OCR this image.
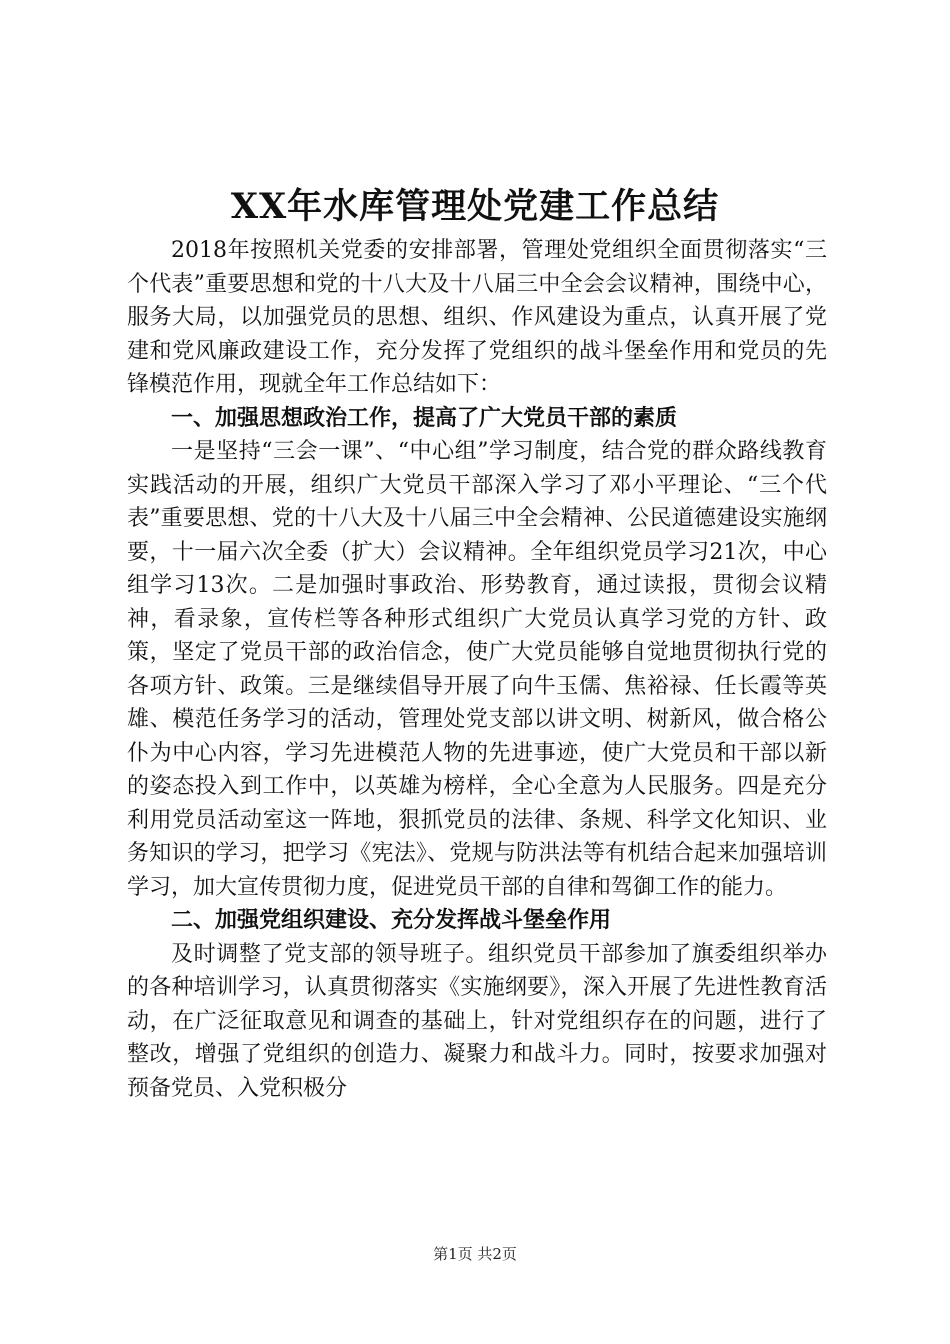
XX年水库管理处党建工作总结

2018年按照机关党委的安排部署，管理处党组织全面贯彻落实“三个代表”重要思想和党的十八大及十八届三中全会会议精神，围绕中心，服务大局，以加强党员的思想、组织、作风建设为重点，认真开展了党建和党风廉政建设工作，充分发挥了党组织的战斗堡垒作用和党员的先锋模范作用，现就全年工作总结如下：

一、加强思想政治工作，提高了广大党员干部的素质

一是坚持“三会一课”、“中心组”学习制度，结合党的群众路线教育实践活动的开展，组织广大党员干部深入学习了邓小平理论、“三个代表”重要思想、党的十八大及十八届三中全会精神、公民道德建设实施纲要，十一届六次全委（扩大）会议精神。全年组织党员学习21次，中心组学习13次。二是加强时事政治、形势教育，通过读报，贯彻会议精神，看录象，宣传栏等各种形式组织广大党员认真学习党的方针、政策，坚定了党员干部的政治信念，使广大党员能够自觉地贯彻执行党的各项方针、政策。三是继续倡导开展了向牛玉儒、焦裕禄、任长霞等英雄、模范任务学习的活动，管理处党支部以讲文明、树新风，做合格公仆为中心内容，学习先进模范人物的先进事迹，使广大党员和干部以新的姿态投入到工作中，以英雄为榜样，全心全意为人民服务。四是充分利用党员活动室这一阵地，狠抓党员的法律、条规、科学文化知识、业务知识的学习，把学习《宪法》、党规与防洪法等有机结合起来加强培训学习，加大宣传贯彻力度，促进党员干部的自律和驾御工作的能力。

二、加强党组织建设、充分发挥战斗堡垒作用

及时调整了党支部的领导班子。组织党员干部参加了旗委组织举办的各种培训学习，认真贯彻落实《实施纲要》，深入开展了先进性教育活动，在广泛征取意见和调查的基础上，针对党组织存在的问题，进行了整改，增强了党组织的创造力、凝聚力和战斗力。同时，按要求加强对预备党员、入党积极分

第1页 共2页
